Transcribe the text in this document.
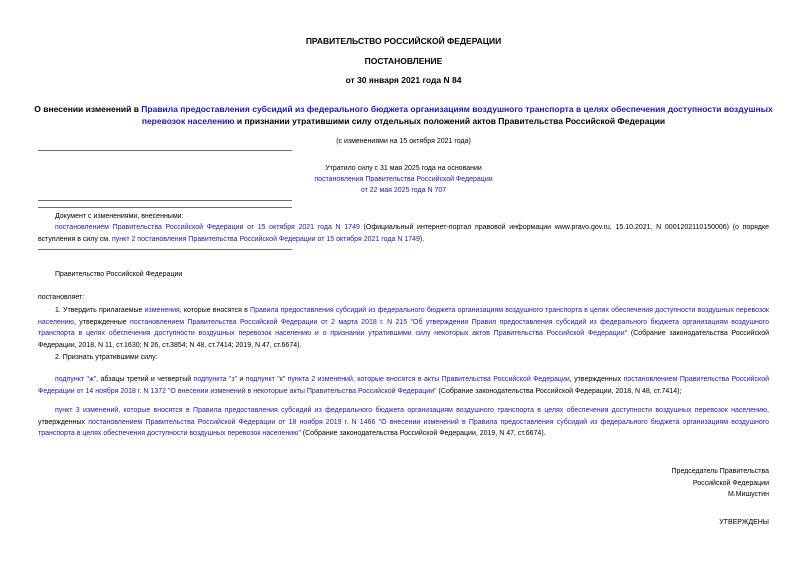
ПРАВИТЕЛЬСТВО РОССИЙСКОЙ ФЕДЕРАЦИИ
ПОСТАНОВЛЕНИЕ
от 30 января 2021 года N 84
О внесении изменений в Правила предоставления субсидий из федерального бюджета организациям воздушного транспорта в целях обеспечения доступности воздушных перевозок населению и признании утратившими силу отдельных положений актов Правительства Российской Федерации
(с изменениями на 15 октября 2021 года)
Утратило силу с 31 мая 2025 года на основании
постановления Правительства Российской Федерации
от 22 мая 2025 года N 707
Документ с изменениями, внесенными:
постановлением Правительства Российской Федерации от 15 октября 2021 года N 1749 (Официальный интернет-портал правовой информации www.pravo.gov.ru, 15.10.2021, N 0001202110150006) (о порядке вступления в силу см. пункт 2 постановления Правительства Российской Федерации от 15 октября 2021 года N 1749).
Правительство Российской Федерации
постановляет:
1. Утвердить прилагаемые изменения, которые вносятся в Правила предоставления субсидий из федерального бюджета организациям воздушного транспорта в целях обеспечения доступности воздушных перевозок населению, утвержденные постановлением Правительства Российской Федерации от 2 марта 2018 г. N 215 "Об утверждении Правил предоставления субсидий из федерального бюджета организациям воздушного транспорта в целях обеспечения доступности воздушных перевозок населению и о признании утратившими силу некоторых актов Правительства Российской Федерации" (Собрание законодательства Российской Федерации, 2018, N 11, ст.1630; N 26, ст.3854; N 48, ст.7414; 2019, N 47, ст.6674).
2. Признать утратившими силу:
подпункт "ж", абзацы третий и четвертый подпункта "з" и подпункт "к" пункта 2 изменений, которые вносятся в акты Правительства Российской Федерации, утвержденных постановлением Правительства Российской Федерации от 14 ноября 2018 г. N 1372 "О внесении изменений в некоторые акты Правительства Российской Федерации" (Собрание законодательства Российской Федерации, 2018, N 48, ст.7414);
пункт 3 изменений, которые вносятся в Правила предоставления субсидий из федерального бюджета организациям воздушного транспорта в целях обеспечения доступности воздушных перевозок населению, утвержденных постановлением Правительства Российской Федерации от 18 ноября 2019 г. N 1466 "О внесении изменений в Правила предоставления субсидий из федерального бюджета организациям воздушного транспорта в целях обеспечения доступности воздушных перевозок населению" (Собрание законодательства Российской Федерации, 2019, N 47, ст.6674).
Председатель Правительства
Российской Федерации
М.Мишустин
УТВЕРЖДЕНЫ
